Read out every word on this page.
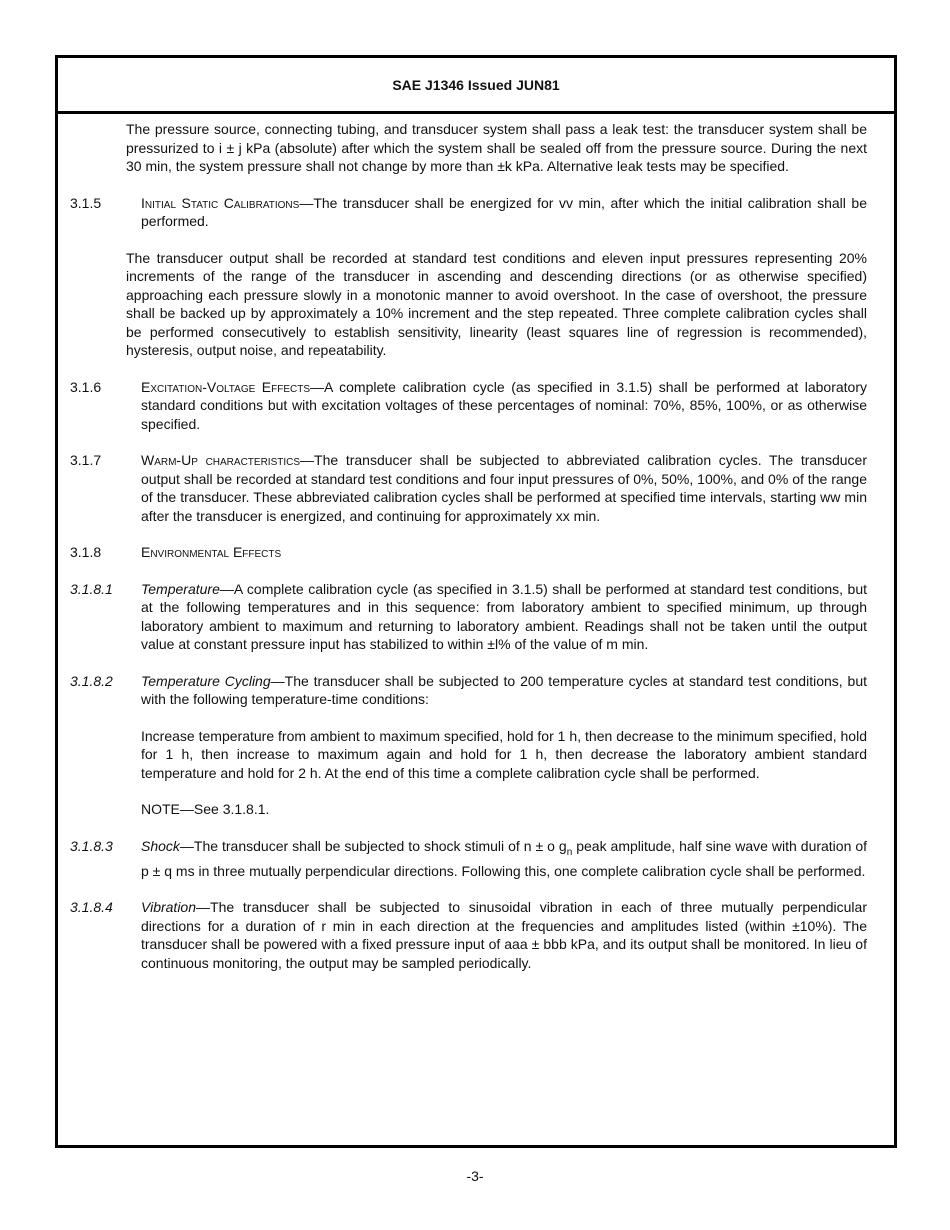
SAE J1346 Issued JUN81

The pressure source, connecting tubing, and transducer system shall pass a leak test: the transducer system shall be pressurized to i ± j kPa (absolute) after which the system shall be sealed off from the pressure source. During the next 30 min, the system pressure shall not change by more than ±k kPa. Alternative leak tests may be specified.

3.1.5	Initial Static Calibrations—The transducer shall be energized for vv min, after which the initial calibration shall be performed.

The transducer output shall be recorded at standard test conditions and eleven input pressures representing 20% increments of the range of the transducer in ascending and descending directions (or as otherwise specified) approaching each pressure slowly in a monotonic manner to avoid overshoot. In the case of overshoot, the pressure shall be backed up by approximately a 10% increment and the step repeated. Three complete calibration cycles shall be performed consecutively to establish sensitivity, linearity (least squares line of regression is recommended), hysteresis, output noise, and repeatability.

3.1.6	Excitation-Voltage Effects—A complete calibration cycle (as specified in 3.1.5) shall be performed at laboratory standard conditions but with excitation voltages of these percentages of nominal: 70%, 85%, 100%, or as otherwise specified.
3.1.7	Warm-Up characteristics—The transducer shall be subjected to abbreviated calibration cycles. The transducer output shall be recorded at standard test conditions and four input pressures of 0%, 50%, 100%, and 0% of the range of the transducer. These abbreviated calibration cycles shall be performed at specified time intervals, starting ww min after the transducer is energized, and continuing for approximately xx min.
3.1.8	Environmental Effects
3.1.8.1	Temperature—A complete calibration cycle (as specified in 3.1.5) shall be performed at standard test conditions, but at the following temperatures and in this sequence: from laboratory ambient to specified minimum, up through laboratory ambient to maximum and returning to laboratory ambient. Readings shall not be taken until the output value at constant pressure input has stabilized to within ±l% of the value of m min.
3.1.8.2	Temperature Cycling—The transducer shall be subjected to 200 temperature cycles at standard test conditions, but with the following temperature-time conditions:

Increase temperature from ambient to maximum specified, hold for 1 h, then decrease to the minimum specified, hold for 1 h, then increase to maximum again and hold for 1 h, then decrease the laboratory ambient standard temperature and hold for 2 h. At the end of this time a complete calibration cycle shall be performed.

NOTE—See 3.1.8.1.

3.1.8.3	Shock—The transducer shall be subjected to shock stimuli of n ± o $g_n$ peak amplitude, half sine wave with duration of p ± q ms in three mutually perpendicular directions. Following this, one complete calibration cycle shall be performed.
3.1.8.4	Vibration—The transducer shall be subjected to sinusoidal vibration in each of three mutually perpendicular directions for a duration of r min in each direction at the frequencies and amplitudes listed (within ±10%). The transducer shall be powered with a fixed pressure input of aaa ± bbb kPa, and its output shall be monitored. In lieu of continuous monitoring, the output may be sampled periodically.
-3-
